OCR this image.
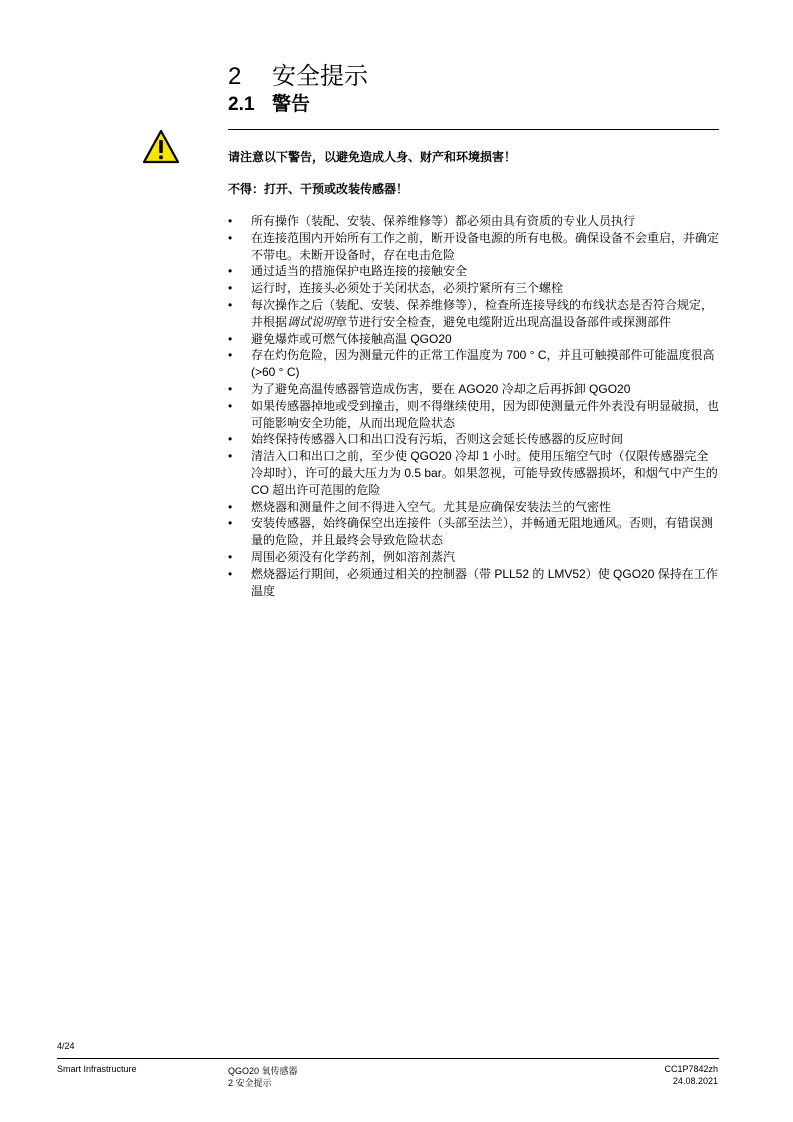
2 安全提示
2.1 警告
请注意以下警告，以避免造成人身、财产和环境损害！
不得：打开、干预或改装传感器！
• 所有操作（装配、安装、保养维修等）都必须由具有资质的专业人员执行
• 在连接范围内开始所有工作之前，断开设备电源的所有电极。确保设备不会重启，并确定不带电。未断开设备时，存在电击危险
• 通过适当的措施保护电路连接的接触安全
• 运行时，连接头必须处于关闭状态，必须拧紧所有三个螺栓
• 每次操作之后（装配、安装、保养维修等），检查所连接导线的布线状态是否符合规定，并根据调试说明章节进行安全检查，避免电缆附近出现高温设备部件或探测部件
• 避免爆炸或可燃气体接触高温 QGO20
• 存在灼伤危险，因为测量元件的正常工作温度为 700 ° C，并且可触摸部件可能温度很高 (>60 ° C)
• 为了避免高温传感器管造成伤害，要在 AGO20 冷却之后再拆卸 QGO20
• 如果传感器掉地或受到撞击，则不得继续使用，因为即使测量元件外表没有明显破损，也可能影响安全功能，从而出现危险状态
• 始终保持传感器入口和出口没有污垢，否则这会延长传感器的反应时间
• 清洁入口和出口之前，至少使 QGO20 冷却 1 小时。使用压缩空气时（仅限传感器完全冷却时），许可的最大压力为 0.5 bar。如果忽视，可能导致传感器损坏，和烟气中产生的 CO 超出许可范围的危险
• 燃烧器和测量件之间不得进入空气。尤其是应确保安装法兰的气密性
• 安装传感器，始终确保空出连接件（头部至法兰），并畅通无阻地通风。否则，有错误测量的危险，并且最终会导致危险状态
• 周围必须没有化学药剂，例如溶剂蒸汽
• 燃烧器运行期间，必须通过相关的控制器（带 PLL52 的 LMV52）使 QGO20 保持在工作温度
4/24
Smart Infrastructure	QGO20 氧传感器
2 安全提示
CC1P7842zh
24.08.2021
